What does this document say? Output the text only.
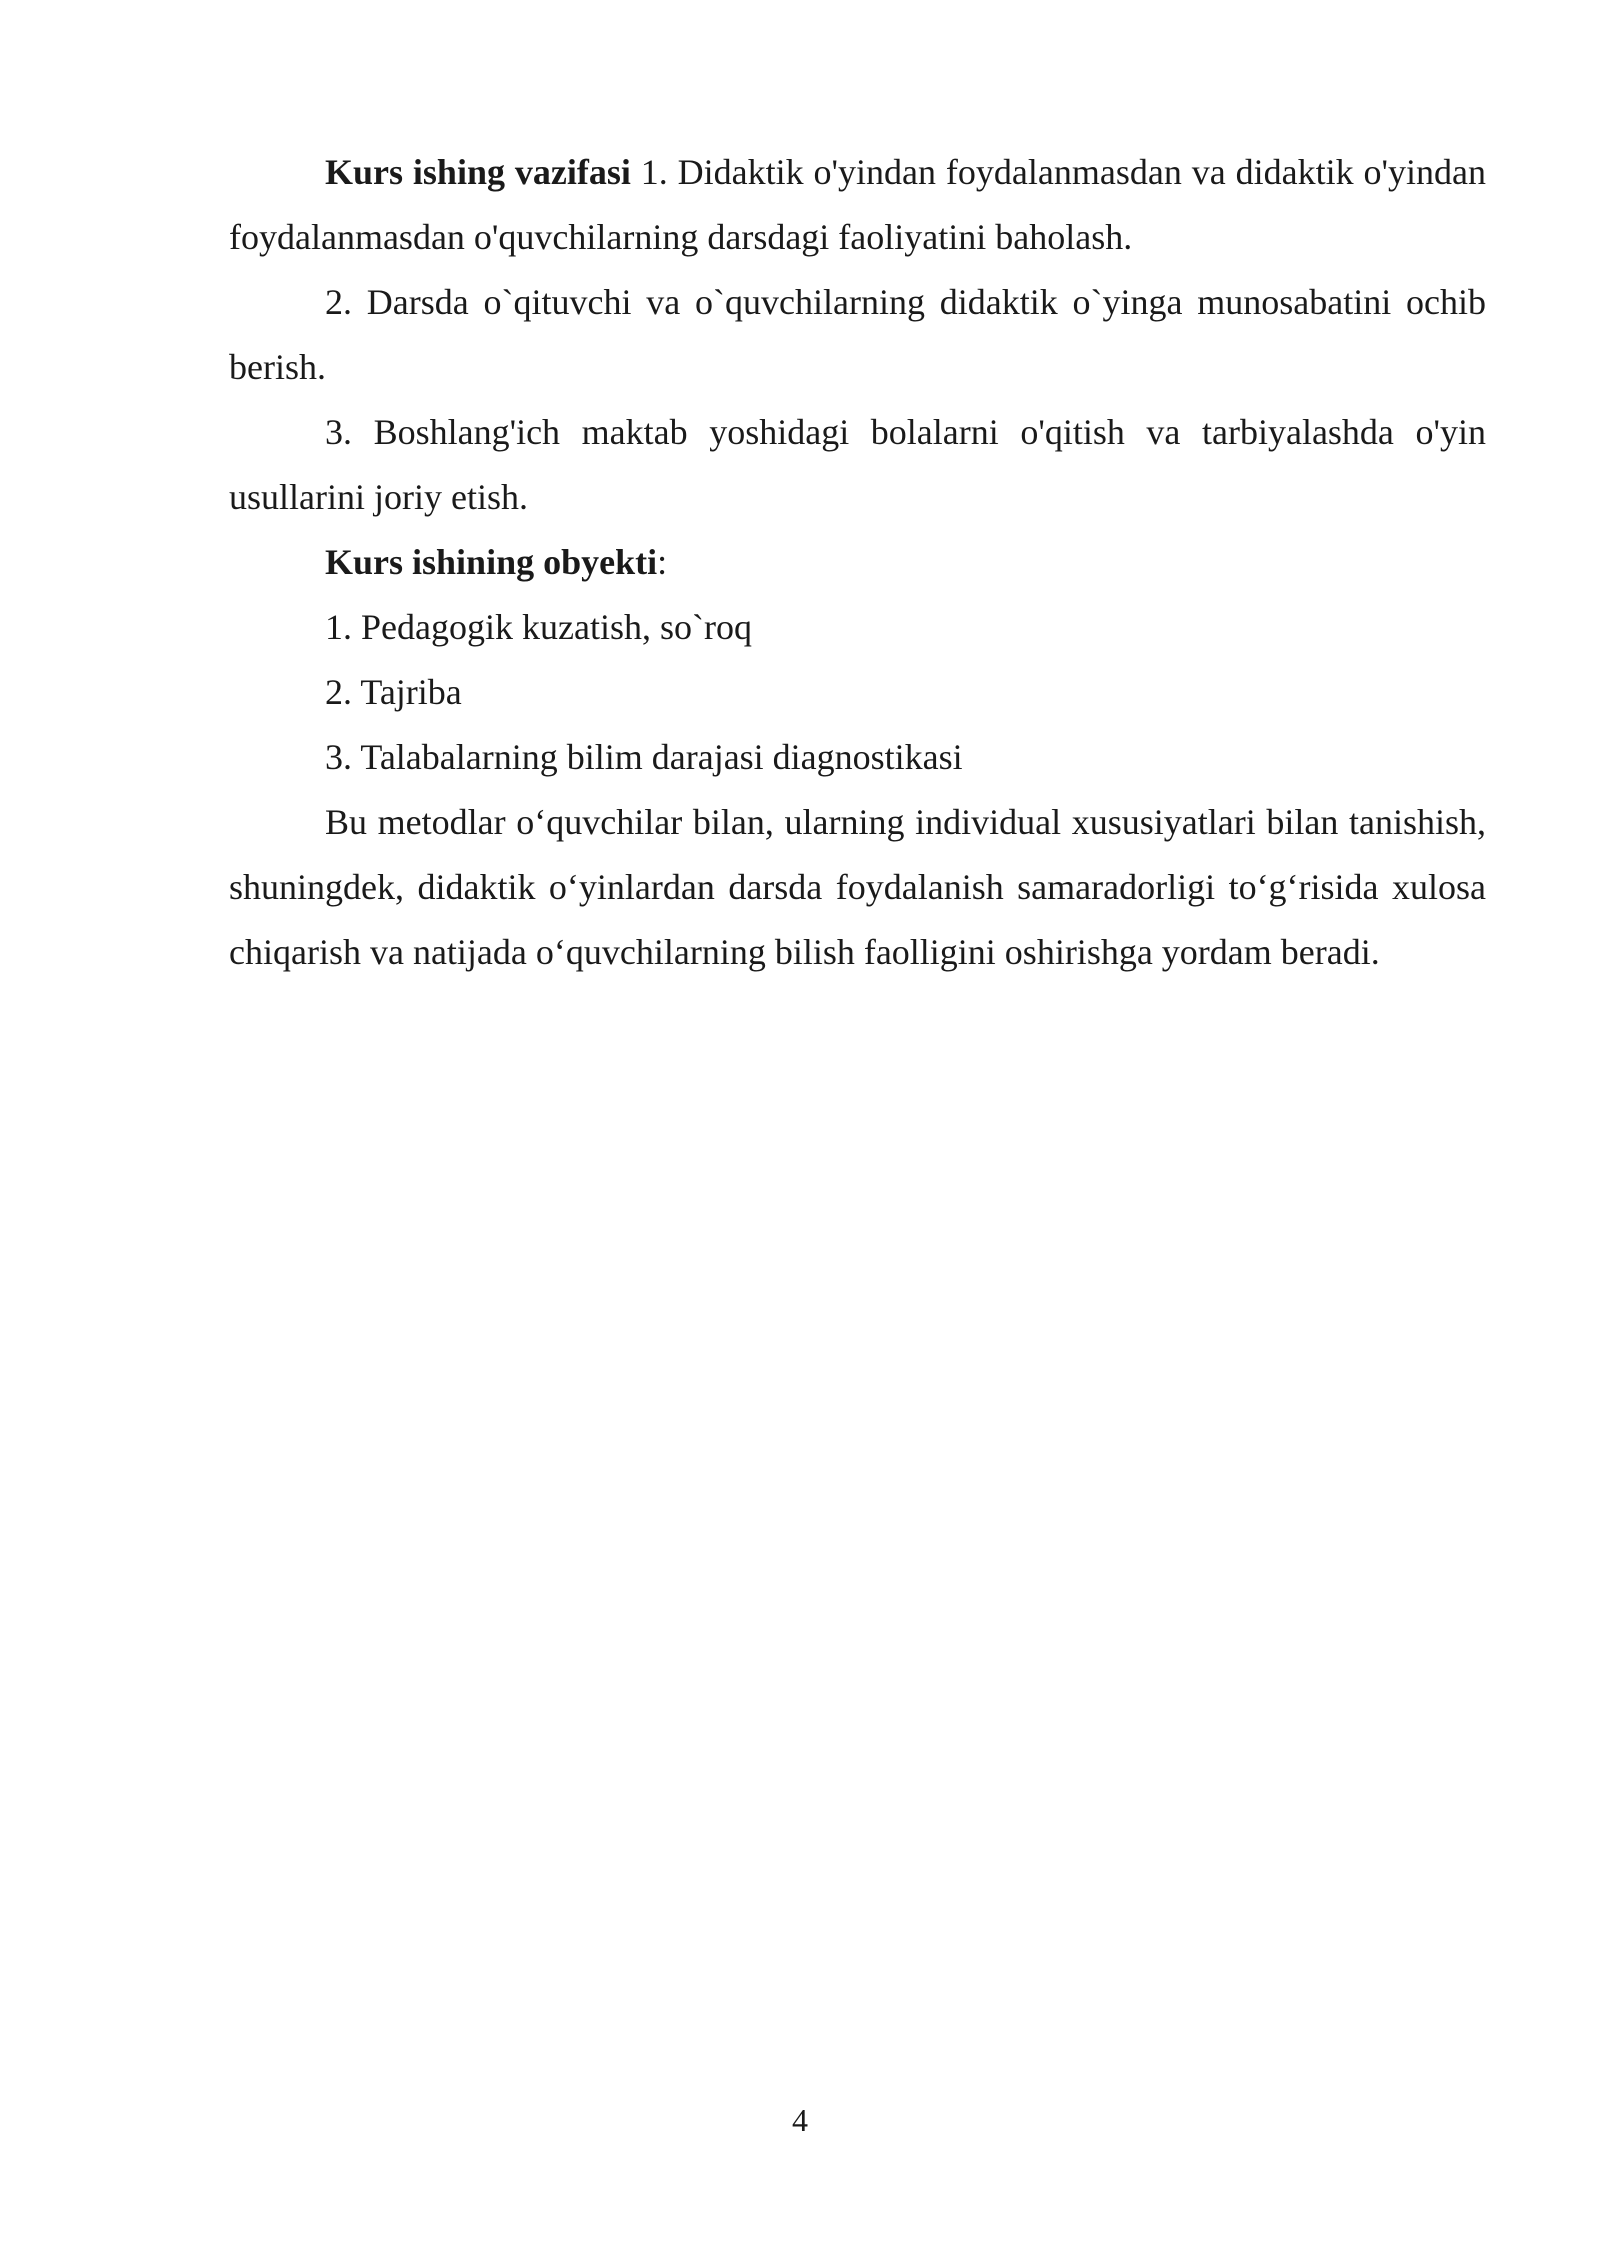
Kurs ishing vazifasi 1. Didaktik o'yindan foydalanmasdan va didaktik o'yindan foydalanmasdan o'quvchilarning darsdagi faoliyatini baholash.

2. Darsda o`qituvchi va o`quvchilarning didaktik o`yinga munosabatini ochib berish.

3. Boshlang'ich maktab yoshidagi bolalarni o'qitish va tarbiyalashda o'yin usullarini joriy etish.

Kurs ishining obyekti:

1. Pedagogik kuzatish, so`roq

2. Tajriba

3. Talabalarning bilim darajasi diagnostikasi

Bu metodlar o‘quvchilar bilan, ularning individual xususiyatlari bilan tanishish, shuningdek, didaktik o‘yinlardan darsda foydalanish samaradorligi to‘g‘risida xulosa chiqarish va natijada o‘quvchilarning bilish faolligini oshirishga yordam beradi.

4
